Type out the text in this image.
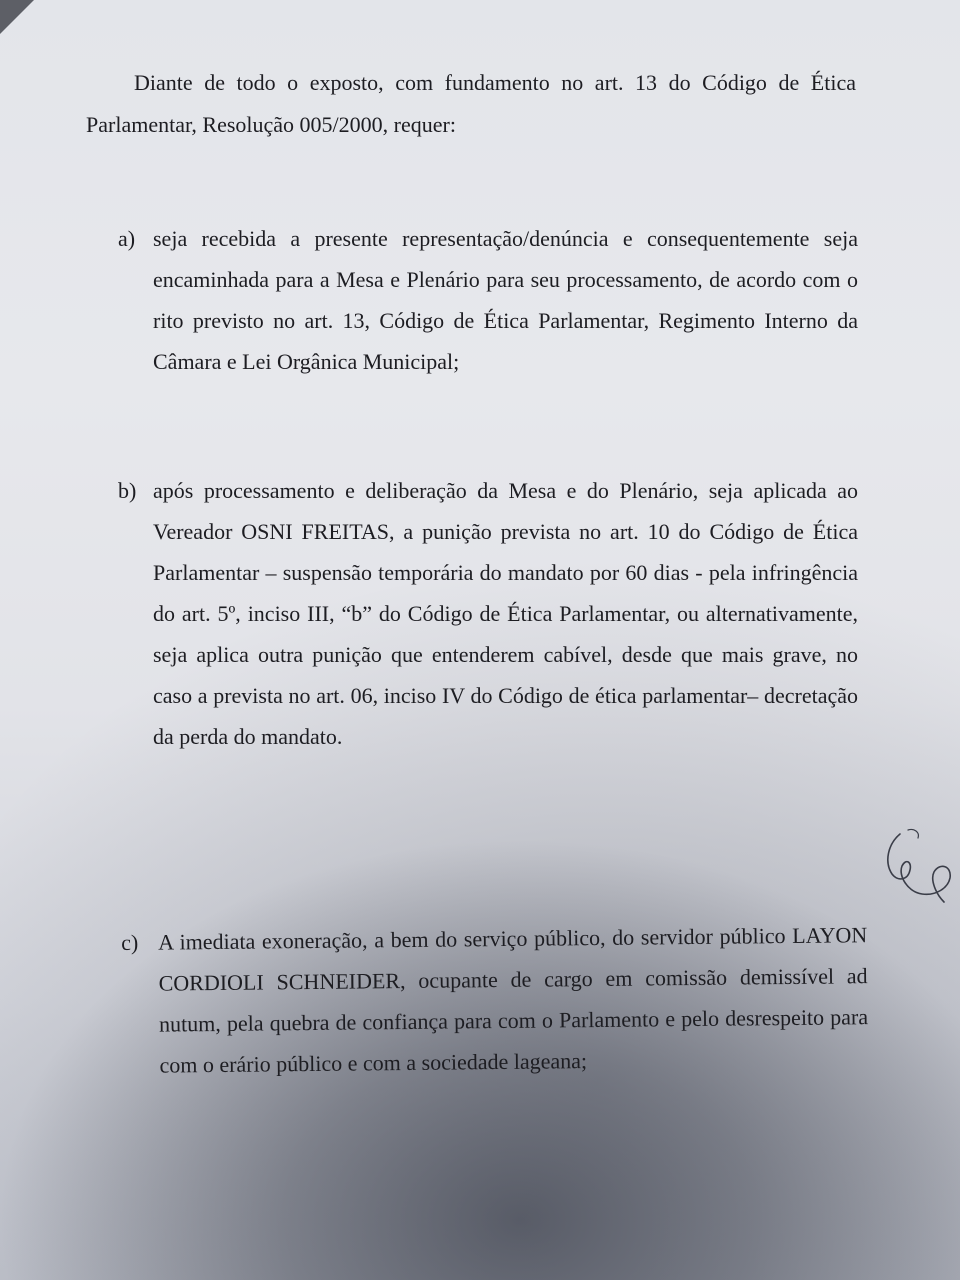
Diante de todo o exposto, com fundamento no art. 13 do Código de Ética Parlamentar, Resolução 005/2000, requer:

a) seja recebida a presente representação/denúncia e consequentemente seja encaminhada para a Mesa e Plenário para seu processamento, de acordo com o rito previsto no art. 13, Código de Ética Parlamentar, Regimento Interno da Câmara e Lei Orgânica Municipal;
b) após processamento e deliberação da Mesa e do Plenário, seja aplicada ao Vereador OSNI FREITAS, a punição prevista no art. 10 do Código de Ética Parlamentar – suspensão temporária do mandato por 60 dias - pela infringência do art. 5º, inciso III, “b” do Código de Ética Parlamentar, ou alternativamente, seja aplica outra punição que entenderem cabível, desde que mais grave, no caso a prevista no art. 06, inciso IV do Código de ética parlamentar– decretação da perda do mandato.
c) A imediata exoneração, a bem do serviço público, do servidor público LAYON CORDIOLI SCHNEIDER, ocupante de cargo em comissão demissível ad nutum, pela quebra de confiança para com o Parlamento e pelo desrespeito para com o erário público e com a sociedade lageana;
